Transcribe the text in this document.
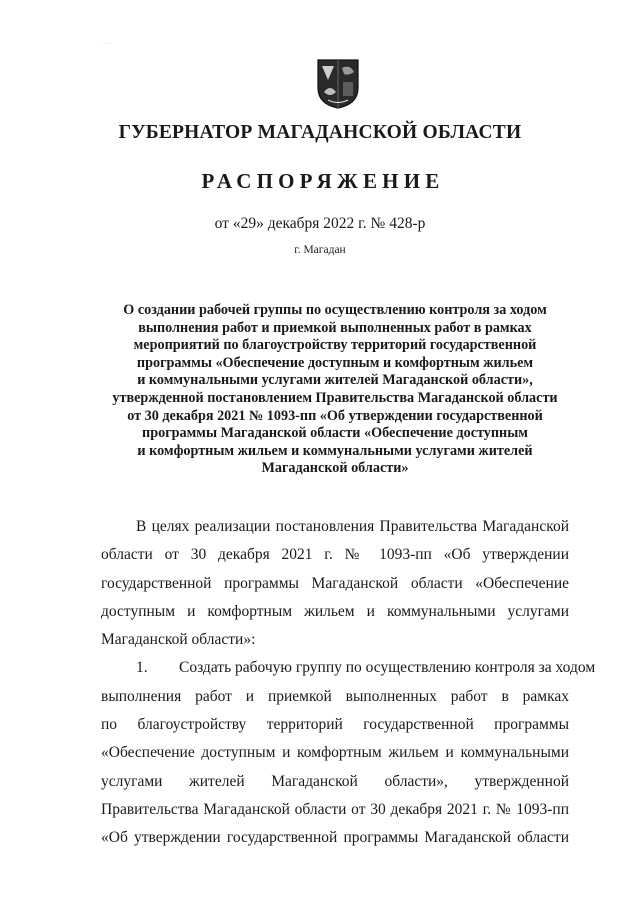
· · ·
ГУБЕРНАТОР МАГАДАНСКОЙ ОБЛАСТИ
РАСПОРЯЖЕНИЕ
от «29» декабря 2022 г. № 428-р
г. Магадан
О создании рабочей группы по осуществлению контроля за ходом
выполнения работ и приемкой выполненных работ в рамках
мероприятий по благоустройству территорий государственной
программы «Обеспечение доступным и комфортным жильем
и коммунальными услугами жителей Магаданской области»,
утвержденной постановлением Правительства Магаданской области
от 30 декабря 2021 № 1093-пп «Об утверждении государственной
программы Магаданской области «Обеспечение доступным
и комфортным жильем и коммунальными услугами жителей
Магаданской области»
В целях реализации постановления Правительства Магаданской
области от 30 декабря 2021 г. № 1093-пп «Об утверждении
государственной программы Магаданской области «Обеспечение
доступным и комфортным жильем и коммунальными услугами
Магаданской области»:
1. Создать рабочую группу по осуществлению контроля за ходом
выполнения работ и приемкой выполненных работ в рамках
по благоустройству территорий государственной программы
«Обеспечение доступным и комфортным жильем и коммунальными
услугами жителей Магаданской области», утвержденной
Правительства Магаданской области от 30 декабря 2021 г. № 1093-пп
«Об утверждении государственной программы Магаданской области
